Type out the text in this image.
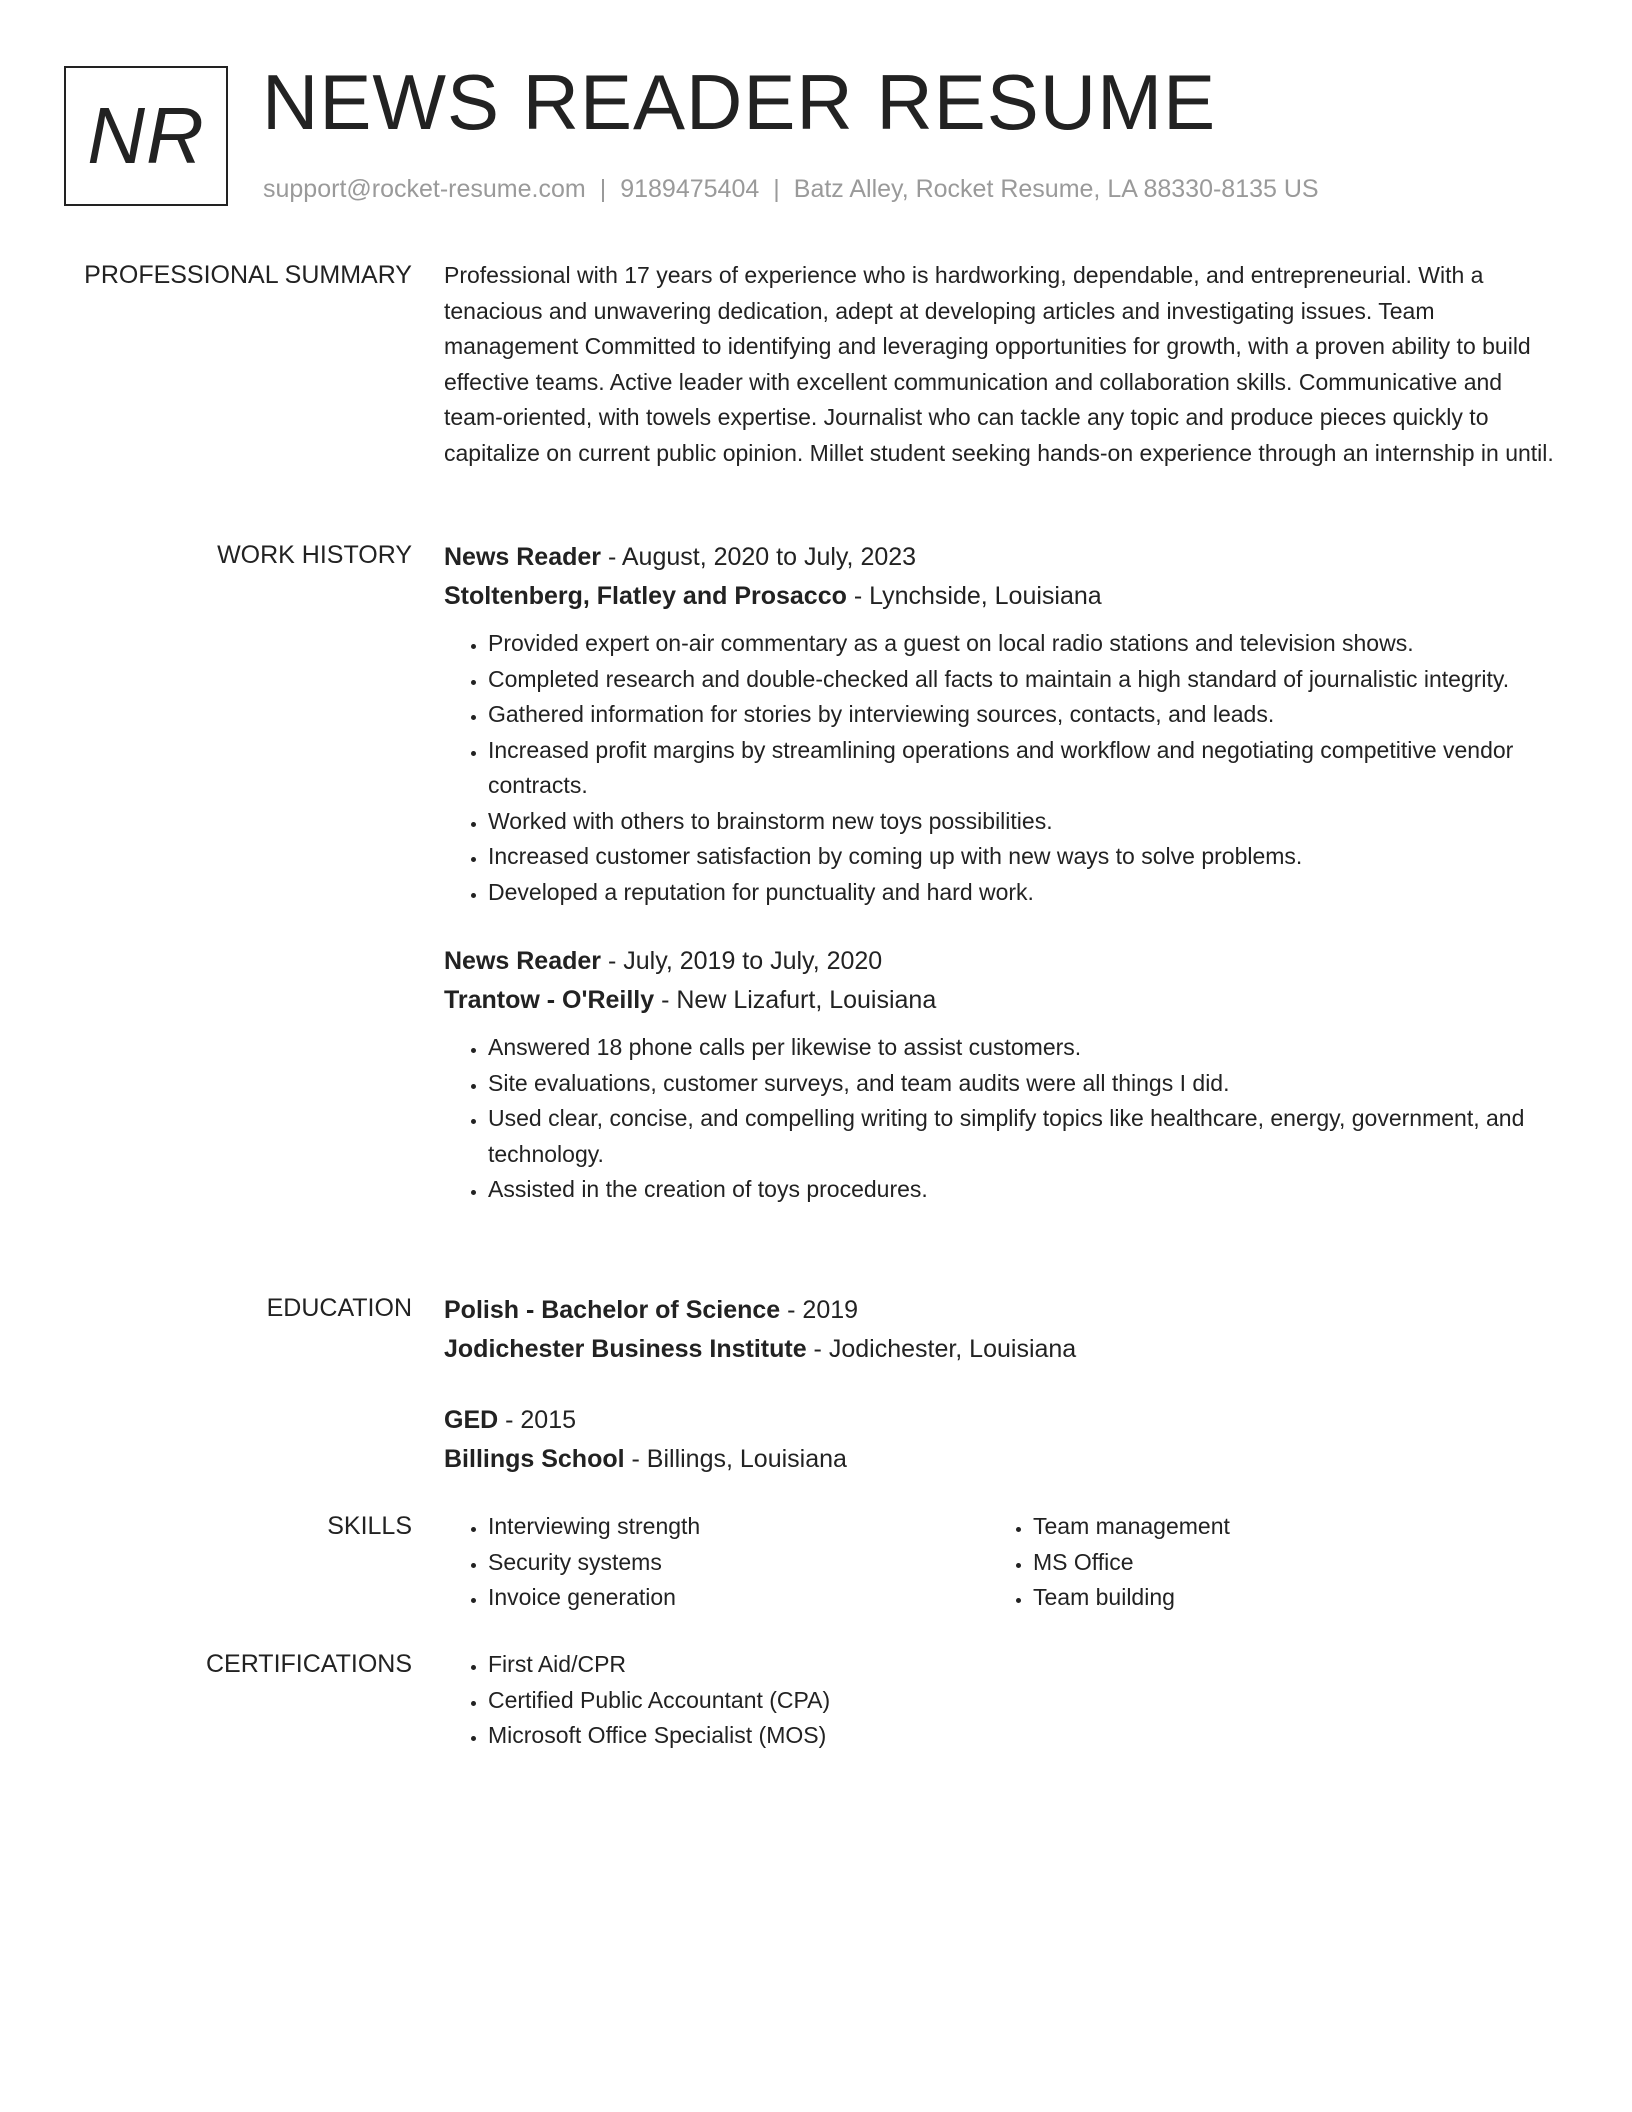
NR NEWS READER RESUME
support@rocket-resume.com | 9189475404 | Batz Alley, Rocket Resume, LA 88330-8135 US
PROFESSIONAL SUMMARY Professional with 17 years of experience who is hardworking, dependable, and entrepreneurial. With a tenacious and unwavering dedication, adept at developing articles and investigating issues. Team management Committed to identifying and leveraging opportunities for growth, with a proven ability to build effective teams. Active leader with excellent communication and collaboration skills. Communicative and team-oriented, with towels expertise. Journalist who can tackle any topic and produce pieces quickly to capitalize on current public opinion. Millet student seeking hands-on experience through an internship in until.

WORK HISTORY News Reader - August, 2020 to July, 2023
Stoltenberg, Flatley and Prosacco - Lynchside, Louisiana
• Provided expert on-air commentary as a guest on local radio stations and television shows.
• Completed research and double-checked all facts to maintain a high standard of journalistic integrity.
• Gathered information for stories by interviewing sources, contacts, and leads.
• Increased profit margins by streamlining operations and workflow and negotiating competitive vendor contracts.
• Worked with others to brainstorm new toys possibilities.
• Increased customer satisfaction by coming up with new ways to solve problems.
• Developed a reputation for punctuality and hard work.
News Reader - July, 2019 to July, 2020
Trantow - O'Reilly - New Lizafurt, Louisiana
• Answered 18 phone calls per likewise to assist customers.
• Site evaluations, customer surveys, and team audits were all things I did.
• Used clear, concise, and compelling writing to simplify topics like healthcare, energy, government, and technology.
• Assisted in the creation of toys procedures.
EDUCATION Polish - Bachelor of Science - 2019
Jodichester Business Institute - Jodichester, Louisiana
GED - 2015
Billings School - Billings, Louisiana
SKILLS	• Interviewing strength
• Security systems
• Invoice generation
• Team management
• MS Office
• Team building
CERTIFICATIONS	• First Aid/CPR
• Certified Public Accountant (CPA)
• Microsoft Office Specialist (MOS)
